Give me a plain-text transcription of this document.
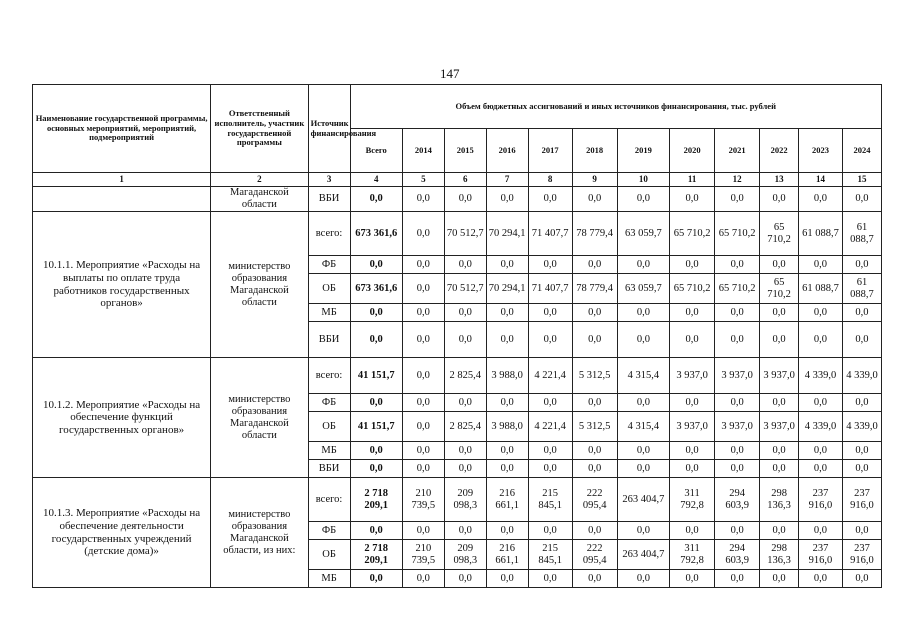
147
Наименование государственной программы, основных мероприятий, мероприятий, подмероприятий	Ответственный исполнитель, участник государственной программы	Источник финансирования	Объем бюджетных ассигнований и иных источников финансирования, тыс. рублей											
			Всего	2014	2015	2016	2017	2018	2019	2020	2021	2022	2023	2024
1	2	3	4	5	6	7	8	9	10	11	12	13	14	15
	Магаданской области	ВБИ	0,0	0,0	0,0	0,0	0,0	0,0	0,0	0,0	0,0	0,0	0,0	0,0
10.1.1. Мероприятие «Расходы на выплаты по оплате труда работников государственных органов»	министерство образования Магаданской области	всего:	673 361,6	0,0	70 512,7	70 294,1	71 407,7	78 779,4	63 059,7	65 710,2	65 710,2	65 710,2	61 088,7	61 088,7
		ФБ	0,0	0,0	0,0	0,0	0,0	0,0	0,0	0,0	0,0	0,0	0,0	0,0
		ОБ	673 361,6	0,0	70 512,7	70 294,1	71 407,7	78 779,4	63 059,7	65 710,2	65 710,2	65 710,2	61 088,7	61 088,7
		МБ	0,0	0,0	0,0	0,0	0,0	0,0	0,0	0,0	0,0	0,0	0,0	0,0
		ВБИ	0,0	0,0	0,0	0,0	0,0	0,0	0,0	0,0	0,0	0,0	0,0	0,0
10.1.2. Мероприятие «Расходы на обеспечение функций государственных органов»	министерство образования Магаданской области	всего:	41 151,7	0,0	2 825,4	3 988,0	4 221,4	5 312,5	4 315,4	3 937,0	3 937,0	3 937,0	4 339,0	4 339,0
		ФБ	0,0	0,0	0,0	0,0	0,0	0,0	0,0	0,0	0,0	0,0	0,0	0,0
		ОБ	41 151,7	0,0	2 825,4	3 988,0	4 221,4	5 312,5	4 315,4	3 937,0	3 937,0	3 937,0	4 339,0	4 339,0
		МБ	0,0	0,0	0,0	0,0	0,0	0,0	0,0	0,0	0,0	0,0	0,0	0,0
		ВБИ	0,0	0,0	0,0	0,0	0,0	0,0	0,0	0,0	0,0	0,0	0,0	0,0
10.1.3. Мероприятие «Расходы на обеспечение деятельности государственных учреждений (детские дома)»	министерство образования Магаданской области, из них:	всего:	2 718 209,1	210 739,5	209 098,3	216 661,1	215 845,1	222 095,4	263 404,7	311 792,8	294 603,9	298 136,3	237 916,0	237 916,0
		ФБ	0,0	0,0	0,0	0,0	0,0	0,0	0,0	0,0	0,0	0,0	0,0	0,0
		ОБ	2 718 209,1	210 739,5	209 098,3	216 661,1	215 845,1	222 095,4	263 404,7	311 792,8	294 603,9	298 136,3	237 916,0	237 916,0
		МБ	0,0	0,0	0,0	0,0	0,0	0,0	0,0	0,0	0,0	0,0	0,0	0,0
